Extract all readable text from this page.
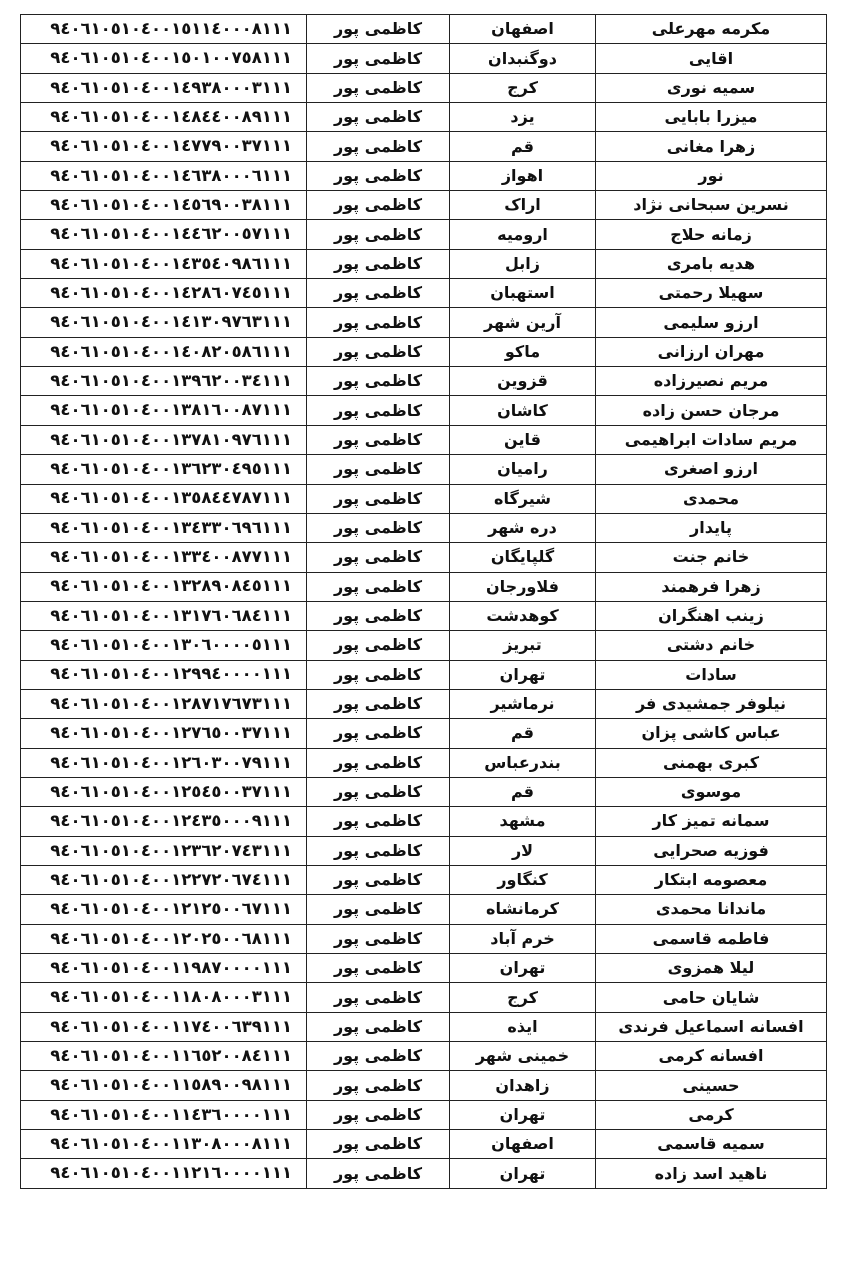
۹٤۰٦١۰٥١۰٤۰۰١٥١١٤۰۰۰٨١١١	کاظمی پور	اصفهان	مکرمه مهرعلی
۹٤۰٦١۰٥١۰٤۰۰١٥۰١۰۰٧٥٨١١١	کاظمی پور	دوگنبدان	اقایی
۹٤۰٦١۰٥١۰٤۰۰١٤۹٣٨۰۰۰٣١١١	کاظمی پور	کرج	سمیه نوری
۹٤۰٦١۰٥١۰٤۰۰١٤٨٤٤۰۰٨۹١١١	کاظمی پور	یزد	میزرا بابایی
۹٤۰٦١۰٥١۰٤۰۰١٤٧٧۹۰۰٣٧١١١	کاظمی پور	قم	زهرا مغانی
۹٤۰٦١۰٥١۰٤۰۰١٤٦٣٨۰۰۰٦١١١	کاظمی پور	اهواز	نور
۹٤۰٦١۰٥١۰٤۰۰١٤٥٦۹۰۰٣٨١١١	کاظمی پور	اراک	نسرین سبحانی نژاد
۹٤۰٦١۰٥١۰٤۰۰١٤٤٦٢۰۰٥٧١١١	کاظمی پور	ارومیه	زمانه حلاج
۹٤۰٦١۰٥١۰٤۰۰١٤٣٥٤۰۹٨٦١١١	کاظمی پور	زابل	هدیه بامری
۹٤۰٦١۰٥١۰٤۰۰١٤٢٨٦۰٧٤٥١١١	کاظمی پور	استهبان	سهیلا رحمتی
۹٤۰٦١۰٥١۰٤۰۰١٤١٣۰۹٧٦٣١١١	کاظمی پور	آرین شهر	ارزو سلیمی
۹٤۰٦١۰٥١۰٤۰۰١٤۰٨٢۰٥٨٦١١١	کاظمی پور	ماکو	مهران ارزانی
۹٤۰٦١۰٥١۰٤۰۰١٣۹٦٢۰۰٣٤١١١	کاظمی پور	قزوین	مریم نصیرزاده
۹٤۰٦١۰٥١۰٤۰۰١٣٨١٦۰۰٨٧١١١	کاظمی پور	کاشان	مرجان حسن زاده
۹٤۰٦١۰٥١۰٤۰۰١٣٧٨١۰۹٧٦١١١	کاظمی پور	قاین	مریم سادات ابراهیمی
۹٤۰٦١۰٥١۰٤۰۰١٣٦٢٣۰٤۹٥١١١	کاظمی پور	رامیان	ارزو اصغری
۹٤۰٦١۰٥١۰٤۰۰١٣٥٨٤٤٧٨٧١١١	کاظمی پور	شیرگاه	محمدی
۹٤۰٦١۰٥١۰٤۰۰١٣٤٣٣۰٦۹٦١١١	کاظمی پور	دره شهر	پایدار
۹٤۰٦١۰٥١۰٤۰۰١٣٣٤۰۰٨٧٧١١١	کاظمی پور	گلپایگان	خانم جنت
۹٤۰٦١۰٥١۰٤۰۰١٣٢٨۹۰٨٤٥١١١	کاظمی پور	فلاورجان	زهرا فرهمند
۹٤۰٦١۰٥١۰٤۰۰١٣١٧٦۰٦٨٤١١١	کاظمی پور	کوهدشت	زینب اهنگران
۹٤۰٦١۰٥١۰٤۰۰١٣۰٦۰۰۰۰٥١١١	کاظمی پور	تبریز	خانم دشتی
۹٤۰٦١۰٥١۰٤۰۰١٢۹۹٤۰۰۰۰١١١	کاظمی پور	تهران	سادات
۹٤۰٦١۰٥١۰٤۰۰١٢٨٧١٧٦٧٣١١١	کاظمی پور	نرماشیر	نیلوفر جمشیدی فر
۹٤۰٦١۰٥١۰٤۰۰١٢٧٦٥۰۰٣٧١١١	کاظمی پور	قم	عباس کاشی پزان
۹٤۰٦١۰٥١۰٤۰۰١٢٦۰٣۰۰٧۹١١١	کاظمی پور	بندرعباس	کبری بهمنی
۹٤۰٦١۰٥١۰٤۰۰١٢٥٤٥۰۰٣٧١١١	کاظمی پور	قم	موسوی
۹٤۰٦١۰٥١۰٤۰۰١٢٤٣٥۰۰۰۹١١١	کاظمی پور	مشهد	سمانه تمیز کار
۹٤۰٦١۰٥١۰٤۰۰١٢٣٦٢۰٧٤٣١١١	کاظمی پور	لار	فوزیه صحرایی
۹٤۰٦١۰٥١۰٤۰۰١٢٢٧٢۰٦٧٤١١١	کاظمی پور	کنگاور	معصومه ابتکار
۹٤۰٦١۰٥١۰٤۰۰١٢١٢٥۰۰٦٧١١١	کاظمی پور	کرمانشاه	ماندانا محمدی
۹٤۰٦١۰٥١۰٤۰۰١٢۰٢٥۰۰٦٨١١١	کاظمی پور	خرم آباد	فاطمه قاسمی
۹٤۰٦١۰٥١۰٤۰۰١١۹٨٧۰۰۰۰١١١	کاظمی پور	تهران	لیلا همزوی
۹٤۰٦١۰٥١۰٤۰۰١١٨۰٨۰۰۰٣١١١	کاظمی پور	کرج	شایان حامی
۹٤۰٦١۰٥١۰٤۰۰١١٧٤۰۰٦٣۹١١١	کاظمی پور	ایذه	افسانه اسماعیل فرندی
۹٤۰٦١۰٥١۰٤۰۰١١٦٥٢۰۰٨٤١١١	کاظمی پور	خمینی شهر	افسانه کرمی
۹٤۰٦١۰٥١۰٤۰۰١١٥٨۹۰۰۹٨١١١	کاظمی پور	زاهدان	حسینی
۹٤۰٦١۰٥١۰٤۰۰١١٤٣٦۰۰۰۰١١١	کاظمی پور	تهران	کرمی
۹٤۰٦١۰٥١۰٤۰۰١١٣۰٨۰۰۰٨١١١	کاظمی پور	اصفهان	سمیه قاسمی
۹٤۰٦١۰٥١۰٤۰۰١١٢١٦۰۰۰۰١١١	کاظمی پور	تهران	ناهید اسد زاده
